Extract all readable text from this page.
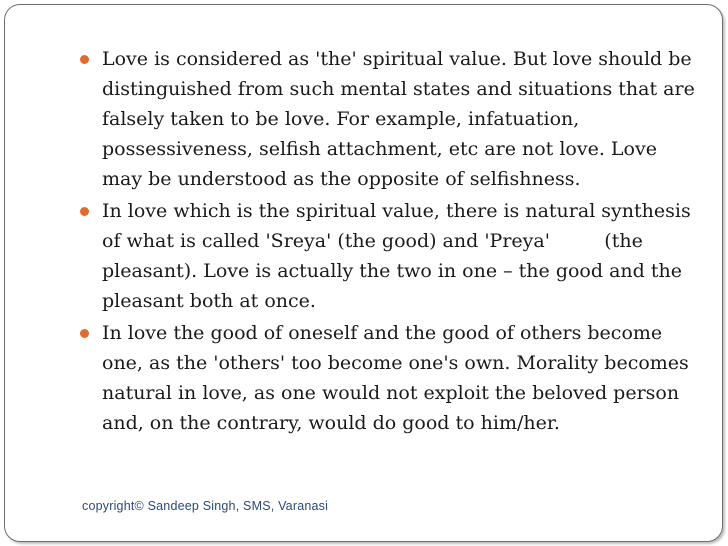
Love is considered as 'the' spiritual value. But love should be distinguished from such mental states and situations that are falsely taken to be love. For example, infatuation, possessiveness, selfish attachment, etc are not love. Love may be understood as the opposite of selfishness.
In love which is the spiritual value, there is natural synthesis of what is called 'Sreya' (the good) and 'Preya'         (the pleasant). Love is actually the two in one – the good and the pleasant both at once.
In love the good of oneself and the good of others become one, as the 'others' too become one's own. Morality becomes natural in love, as one would not exploit the beloved person and, on the contrary, would do good to him/her.
copyright© Sandeep Singh, SMS, Varanasi
